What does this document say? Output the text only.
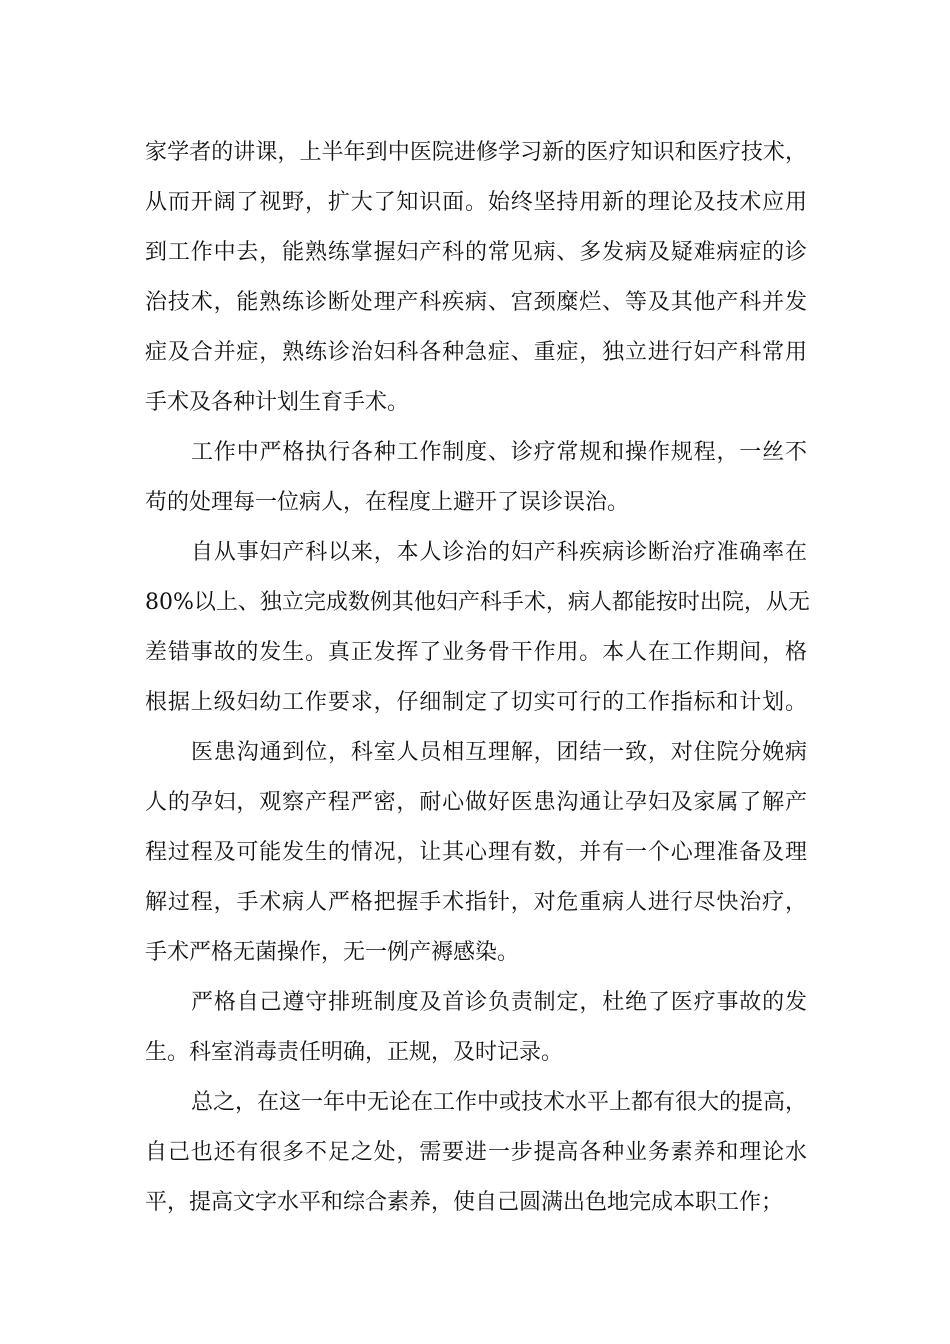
家学者的讲课，上半年到中医院进修学习新的医疗知识和医疗技术，
从而开阔了视野，扩大了知识面。始终坚持用新的理论及技术应用
到工作中去，能熟练掌握妇产科的常见病、多发病及疑难病症的诊
治技术，能熟练诊断处理产科疾病、宫颈糜烂、等及其他产科并发
症及合并症，熟练诊治妇科各种急症、重症，独立进行妇产科常用
手术及各种计划生育手术。
工作中严格执行各种工作制度、诊疗常规和操作规程，一丝不
苟的处理每一位病人，在程度上避开了误诊误治。
自从事妇产科以来，本人诊治的妇产科疾病诊断治疗准确率在
80%以上、独立完成数例其他妇产科手术，病人都能按时出院，从无
差错事故的发生。真正发挥了业务骨干作用。本人在工作期间，格
根据上级妇幼工作要求，仔细制定了切实可行的工作指标和计划。
医患沟通到位，科室人员相互理解，团结一致，对住院分娩病
人的孕妇，观察产程严密，耐心做好医患沟通让孕妇及家属了解产
程过程及可能发生的情况，让其心理有数，并有一个心理准备及理
解过程，手术病人严格把握手术指针，对危重病人进行尽快治疗，
手术严格无菌操作，无一例产褥感染。
严格自己遵守排班制度及首诊负责制定，杜绝了医疗事故的发
生。科室消毒责任明确，正规，及时记录。
总之，在这一年中无论在工作中或技术水平上都有很大的提高，
自己也还有很多不足之处，需要进一步提高各种业务素养和理论水
平，提高文字水平和综合素养，使自己圆满出色地完成本职工作；
